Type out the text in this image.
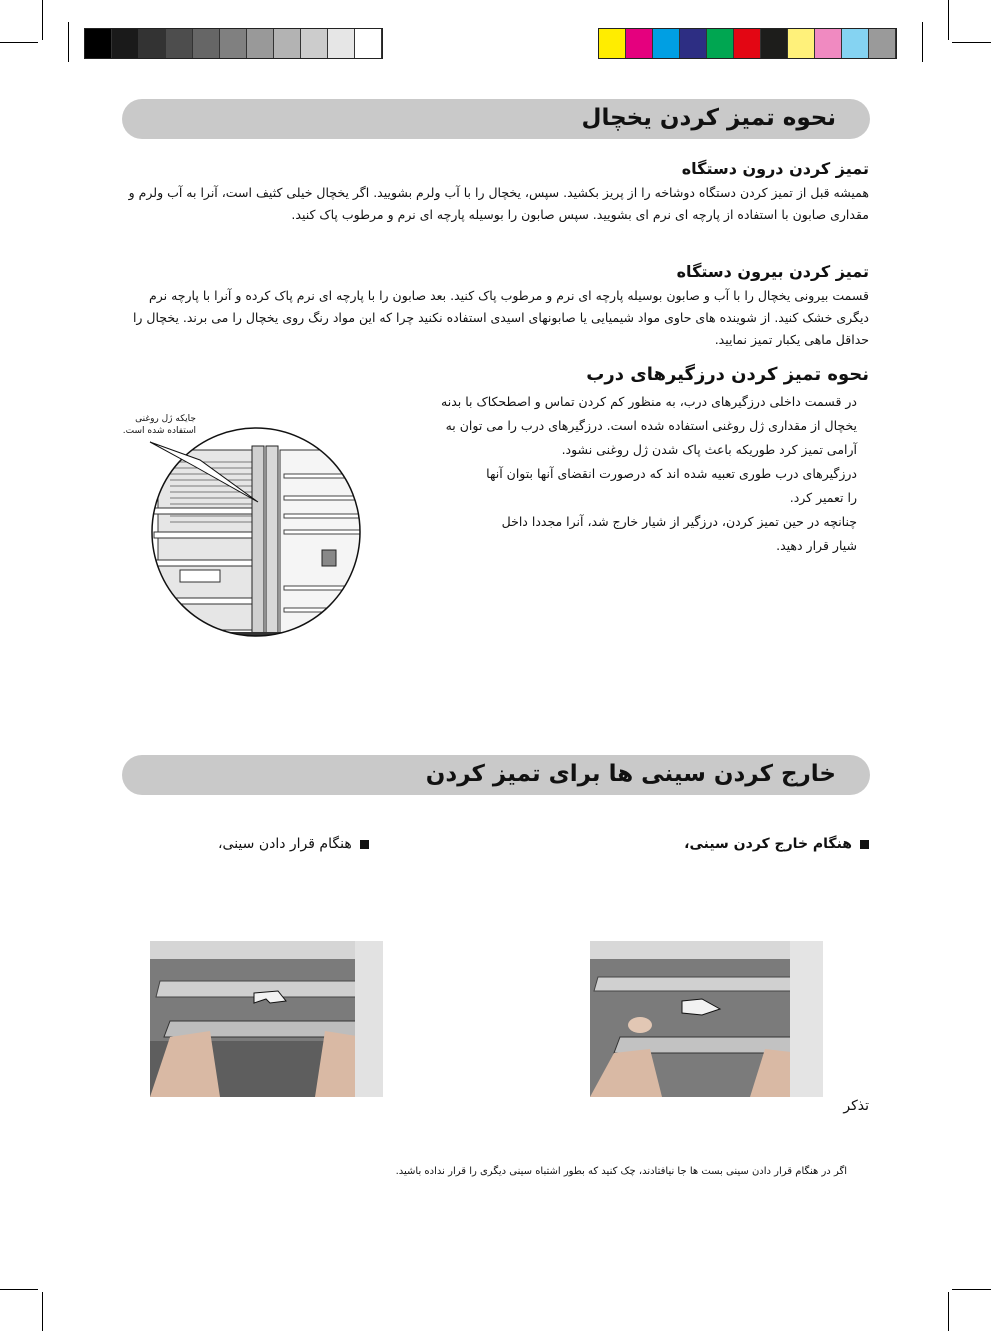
نحوه تمیز کردن یخچال
تمیز کردن درون دستگاه

همیشه قبل از تمیز کردن دستگاه دوشاخه را از پریز بکشید. سپس، یخچال را با آب ولرم بشویید. اگر یخچال خیلی کثیف است، آنرا به آب ولرم و مقداری صابون با استفاده از پارچه ای نرم ای بشویید. سپس صابون را بوسیله پارچه ای نرم و مرطوب پاک کنید.

تمیز کردن بیرون دستگاه

قسمت بیرونی یخچال را با آب و صابون بوسیله پارچه ای نرم و مرطوب پاک کنید. بعد صابون را با پارچه ای نرم پاک کرده و آنرا با پارچه نرم دیگری خشک کنید. از شوینده های حاوی مواد شیمیایی یا صابونهای اسیدی استفاده نکنید چرا که این مواد رنگ روی یخچال را می برند. یخچال را حداقل ماهی یکبار تمیز نمایید.

نحوه تمیز کردن درزگیرهای درب
در قسمت داخلی درزگیرهای درب، به منظور کم کردن تماس و اصطحکاک با بدنه
یخچال از مقداری ژل روغنی استفاده شده است. درزگیرهای درب را می توان به
آرامی تمیز کرد طوریکه باعث پاک شدن ژل روغنی نشود.
درزگیرهای درب طوری تعبیه شده اند که درصورت انقضای آنها بتوان آنها
را تعمیر کرد.
چنانچه در حین تمیز کردن، درزگیر از شیار خارج شد، آنرا مجددا داخل
شیار قرار دهید.
جایکه ژل روغنی
استفاده شده است.
خارج کردن سینی ها برای تمیز کردن
هنگام خارج کردن سینی،
هنگام قرار دادن سینی،
تذکر
اگر در هنگام قرار دادن سینی بست ها جا نیافتادند، چک کنید که بطور اشتباه سینی دیگری را قرار نداده باشید.
